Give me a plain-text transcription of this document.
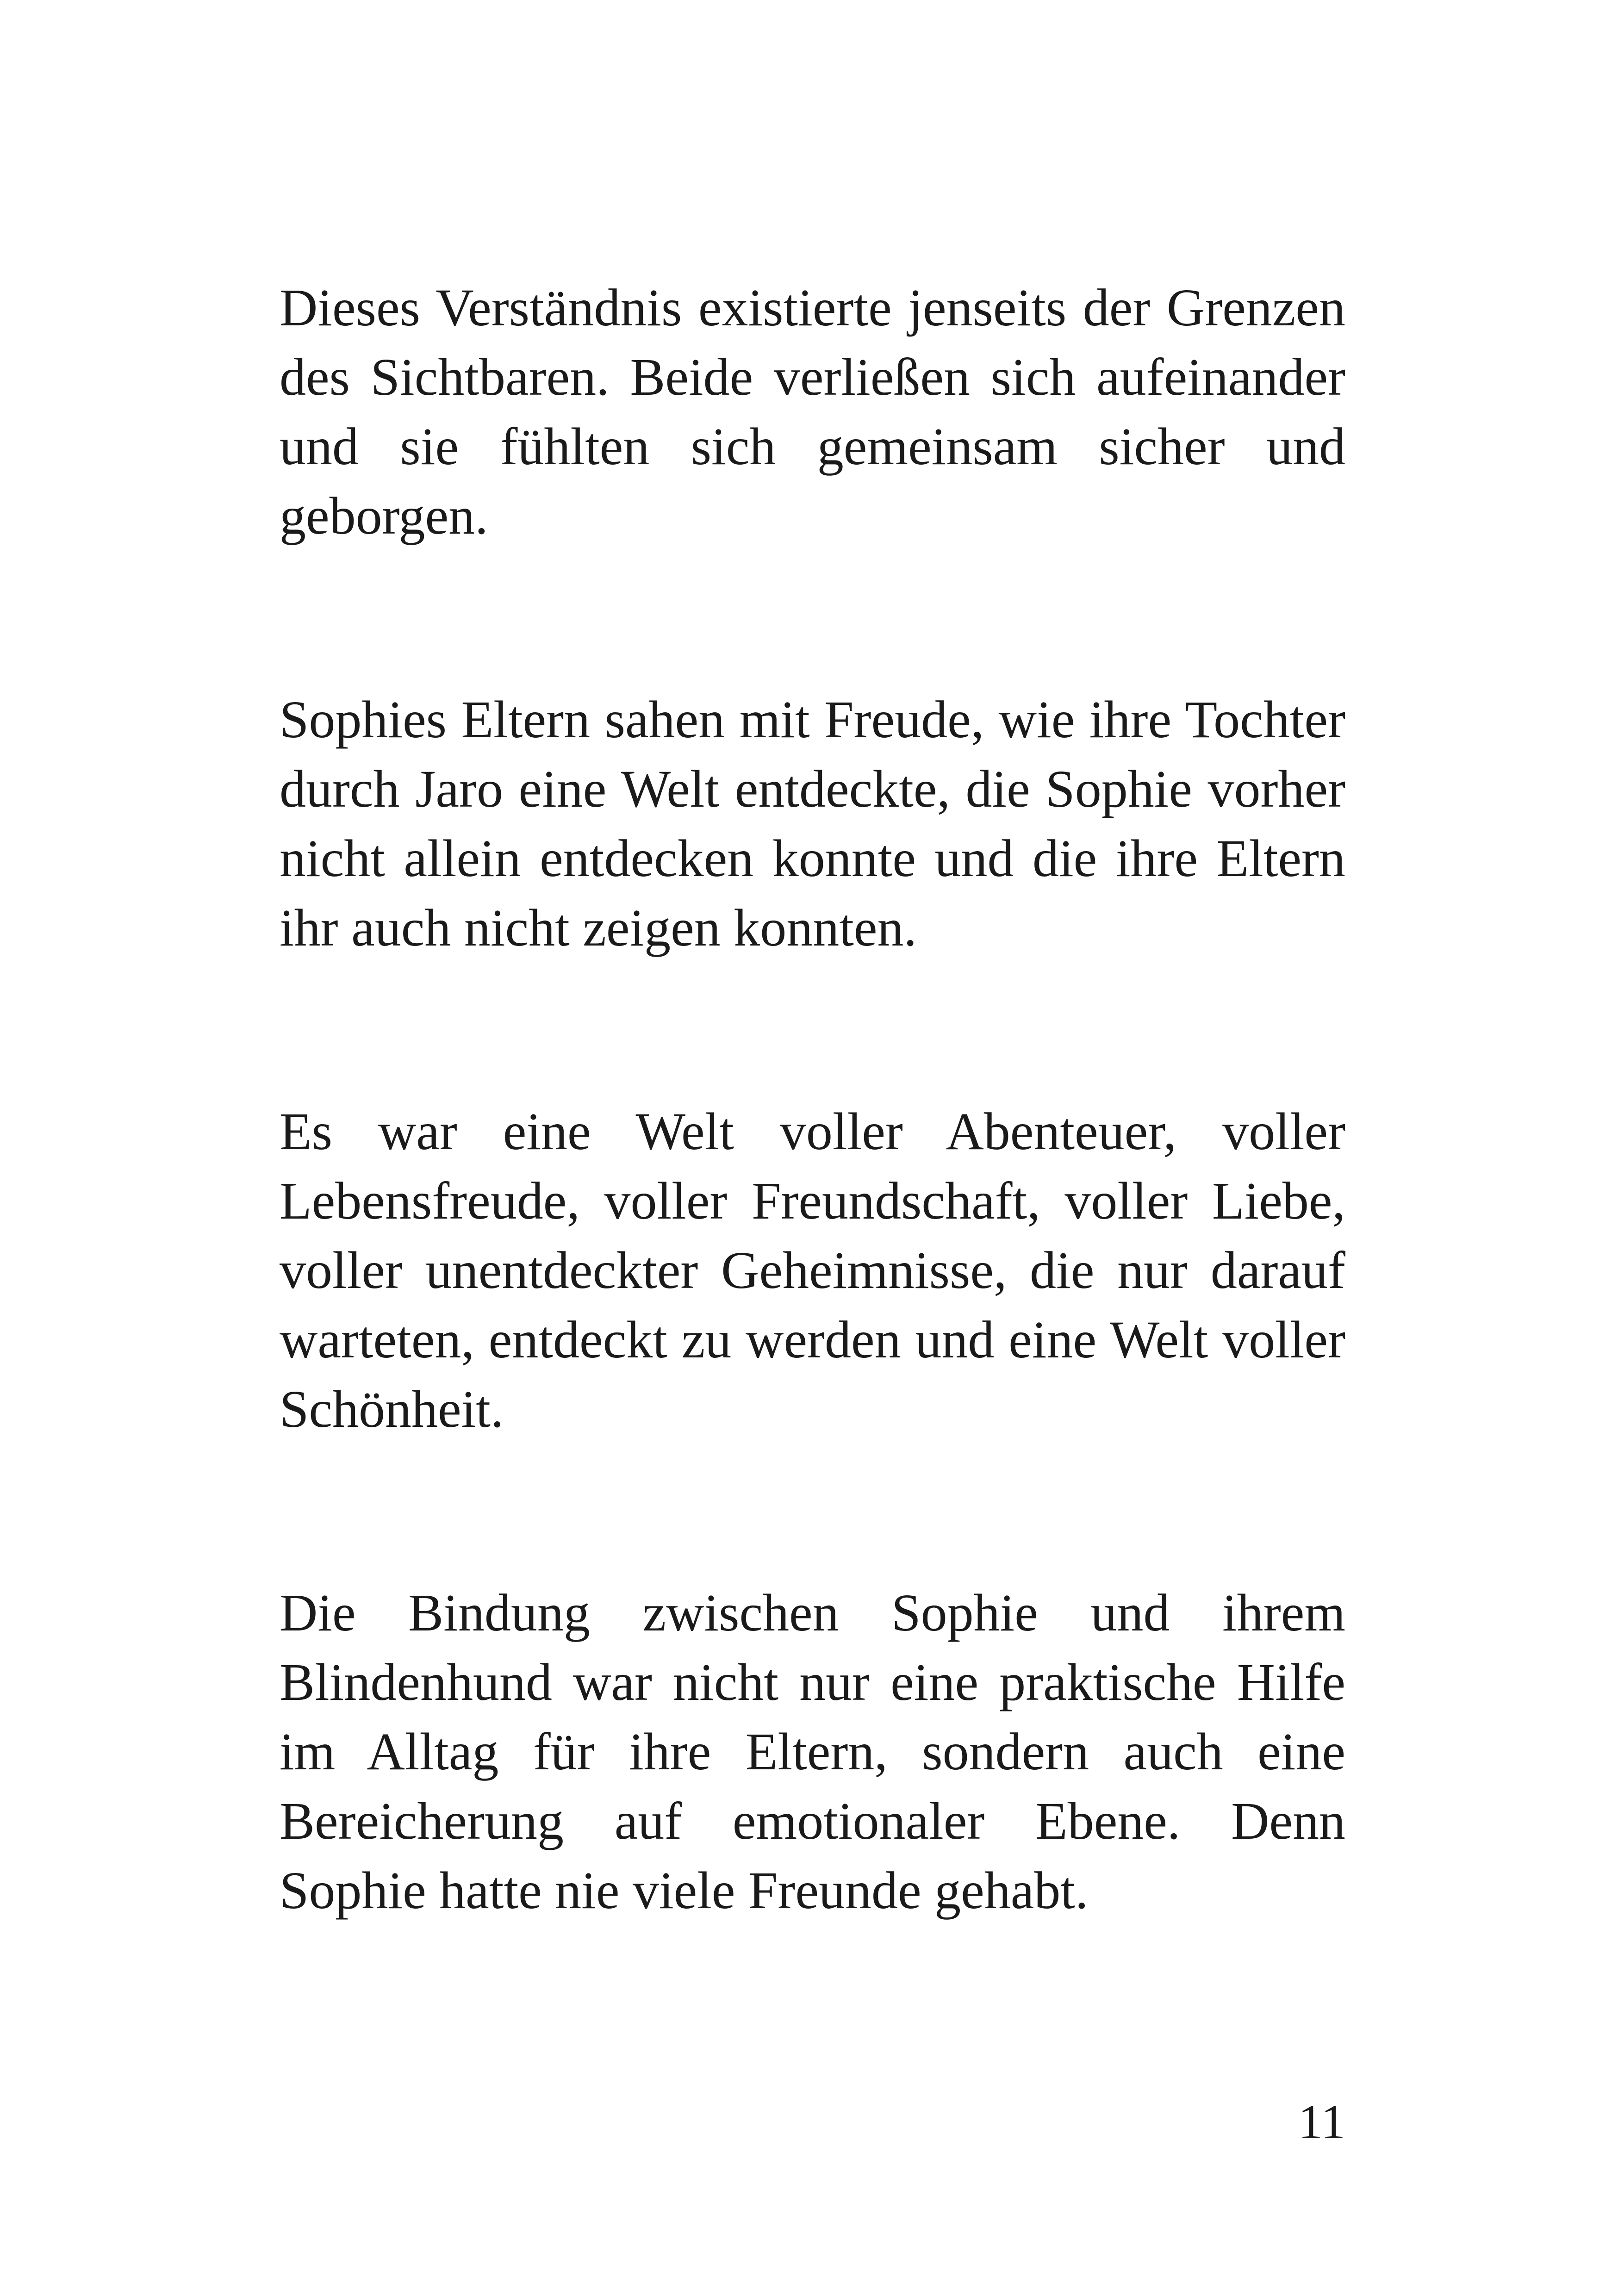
Dieses Verständnis existierte jenseits der Grenzen des Sichtbaren. Beide verließen sich aufeinander und sie fühlten sich gemeinsam sicher und geborgen.

Sophies Eltern sahen mit Freude, wie ihre Tochter durch Jaro eine Welt entdeckte, die Sophie vorher nicht allein entdecken konnte und die ihre Eltern ihr auch nicht zeigen konnten.

Es war eine Welt voller Abenteuer, voller Lebensfreude, voller Freundschaft, voller Liebe, voller unentdeckter Geheimnisse, die nur darauf warteten, entdeckt zu werden und eine Welt voller Schönheit.

Die Bindung zwischen Sophie und ihrem Blindenhund war nicht nur eine praktische Hilfe im Alltag für ihre Eltern, sondern auch eine Bereicherung auf emotionaler Ebene. Denn Sophie hatte nie viele Freunde gehabt.

11
